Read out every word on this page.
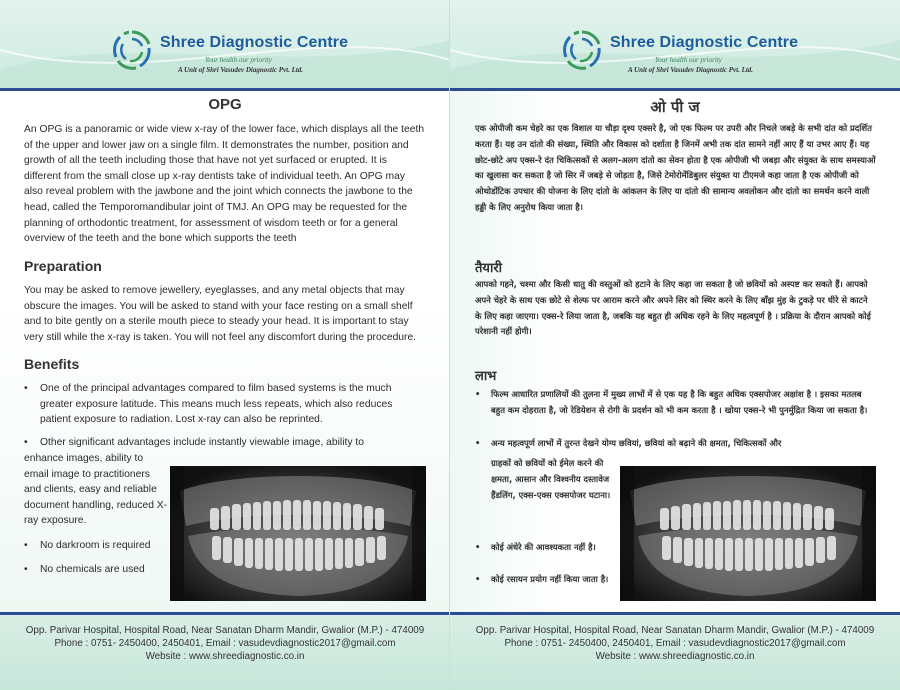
Shree Diagnostic Centre
Your health our priority
A Unit of Shri Vasudev Diagnostic Pvt. Ltd.
OPG
An OPG is a panoramic or wide view x-ray of the lower face, which displays all the teeth of the upper and lower jaw on a single film. It demonstrates the number, position and growth of all the teeth including those that have not yet surfaced or erupted. It is different from the small close up x-ray dentists take of individual teeth. An OPG may also reveal problem with the jawbone and the joint which connects the jawbone to the head, called the Temporomandibular joint of TMJ. An OPG may be requested for the planning of orthodontic treatment, for assessment of wisdom teeth or for a general overview of the teeth and the bone which supports the teeth
Preparation
You may be asked to remove jewellery, eyeglasses, and any metal objects that may obscure the images. You will be asked to stand with your face resting on a small shelf and to bite gently on a sterile mouth piece to steady your head. It is important to stay very still while the x-ray is taken. You will not feel any discomfort during the procedure.
Benefits
•	One of the principal advantages compared to film based systems is the much greater exposure latitude. This means much less repeats, which also reduces patient exposure to radiation. Lost x-ray can also be reprinted.
•	Other significant advantages include instantly viewable image, ability to
enhance images, ability to email image to practitioners and clients, easy and reliable document handling, reduced X-ray exposure.
•	No darkroom is required
•	No chemicals are used
Opp. Parivar Hospital, Hospital Road, Near Sanatan Dharm Mandir, Gwalior (M.P.) - 474009
Phone : 0751- 2450400, 2450401, Email : vasudevdiagnostic2017@gmail.com
Website : www.shreediagnostic.co.in
Shree Diagnostic Centre
Your health our priority
A Unit of Shri Vasudev Diagnostic Pvt. Ltd.
ओ पी ज
एक ओपीजी कम चेहरे का एक विशाल या चौड़ा दृश्य एक्सरे है, जो एक फिल्म पर उपरी और निचले जबड़े के सभी दांत को प्रदर्शित करता हैं। यह उन दांतो की संख्या, स्थिति और विकास को दर्शाता है जिनमें अभी तक दांत सामने नहीं आए हैं या उभर आए हैं। यह छोट-छोटे अप एक्स-रे दंत चिकित्सकों से अलग-अलग दांतो का सेवन होता है एक ओपीजी भी जबड़ा और संयुक्त के साथ समस्याओं का खुलासा कर सकता है जो सिर में जबड़े से जोड़ता है, जिसे टेमोरोमेंडिबुलर संयुक्त या टीएमजे कहा जाता है एक ओपीजी को ओथोडोंटिक उपचार की योजना के लिए दांतो के आंकलन के लिए या दांतो की सामान्य अवलोकन और दांतो का समर्थन करने वाली हड्डी के लिए अनुरोध किया जाता है।
तैयारी
आपको गहने, चश्मा और किसी धातु की वस्तुओं को हटाने के लिए कहा जा सकता है जो छवियों को अस्पष्ट कर सकते हैं। आपको अपने चेहरे के साथ एक छोटे से शेल्फ पर आराम करने और अपने सिर को स्थिर करने के लिए बाँझ मुंह के टुकड़े पर धीरे से काटने के लिए कहा जाएगा। एक्स-रे लिया जाता है, जबकि यह बहुत ही अधिक रहने के लिए महत्वपूर्ण है । प्रक्रिया के दौरान आपको कोई परेशानी नहीं होगी।
लाभ
•	फिल्म आधारित प्रणालियों की तुलना में मुख्य लाभों में से एक यह है कि बहुत अधिक एक्सपोजर अक्षांश है । इसका मतलब बहुत कम दोहराता है, जो रेडियेशन से रोगी के प्रदर्शन को भी कम करता है । खोया एक्स-रे भी पुनर्मुद्रित किया जा सकता है।
•	अन्य महत्वपूर्ण लाभों में तुरन्त देखने योग्य छवियां, छवियां को बढ़ाने की क्षमता, चिकित्सकों और
ग्राहकों को छवियों को ईमेल करने की क्षमता, आसान और विश्वनीय दस्तावेज हैंडलिंग, एक्स-एक्स एक्सपोजर घटाना।
•	कोई अंधेरे की आवश्यकता नहीं है।
•	कोई रसायन प्रयोग नहीं किया जाता है।
Opp. Parivar Hospital, Hospital Road, Near Sanatan Dharm Mandir, Gwalior (M.P.) - 474009
Phone : 0751- 2450400, 2450401, Email : vasudevdiagnostic2017@gmail.com
Website : www.shreediagnostic.co.in
